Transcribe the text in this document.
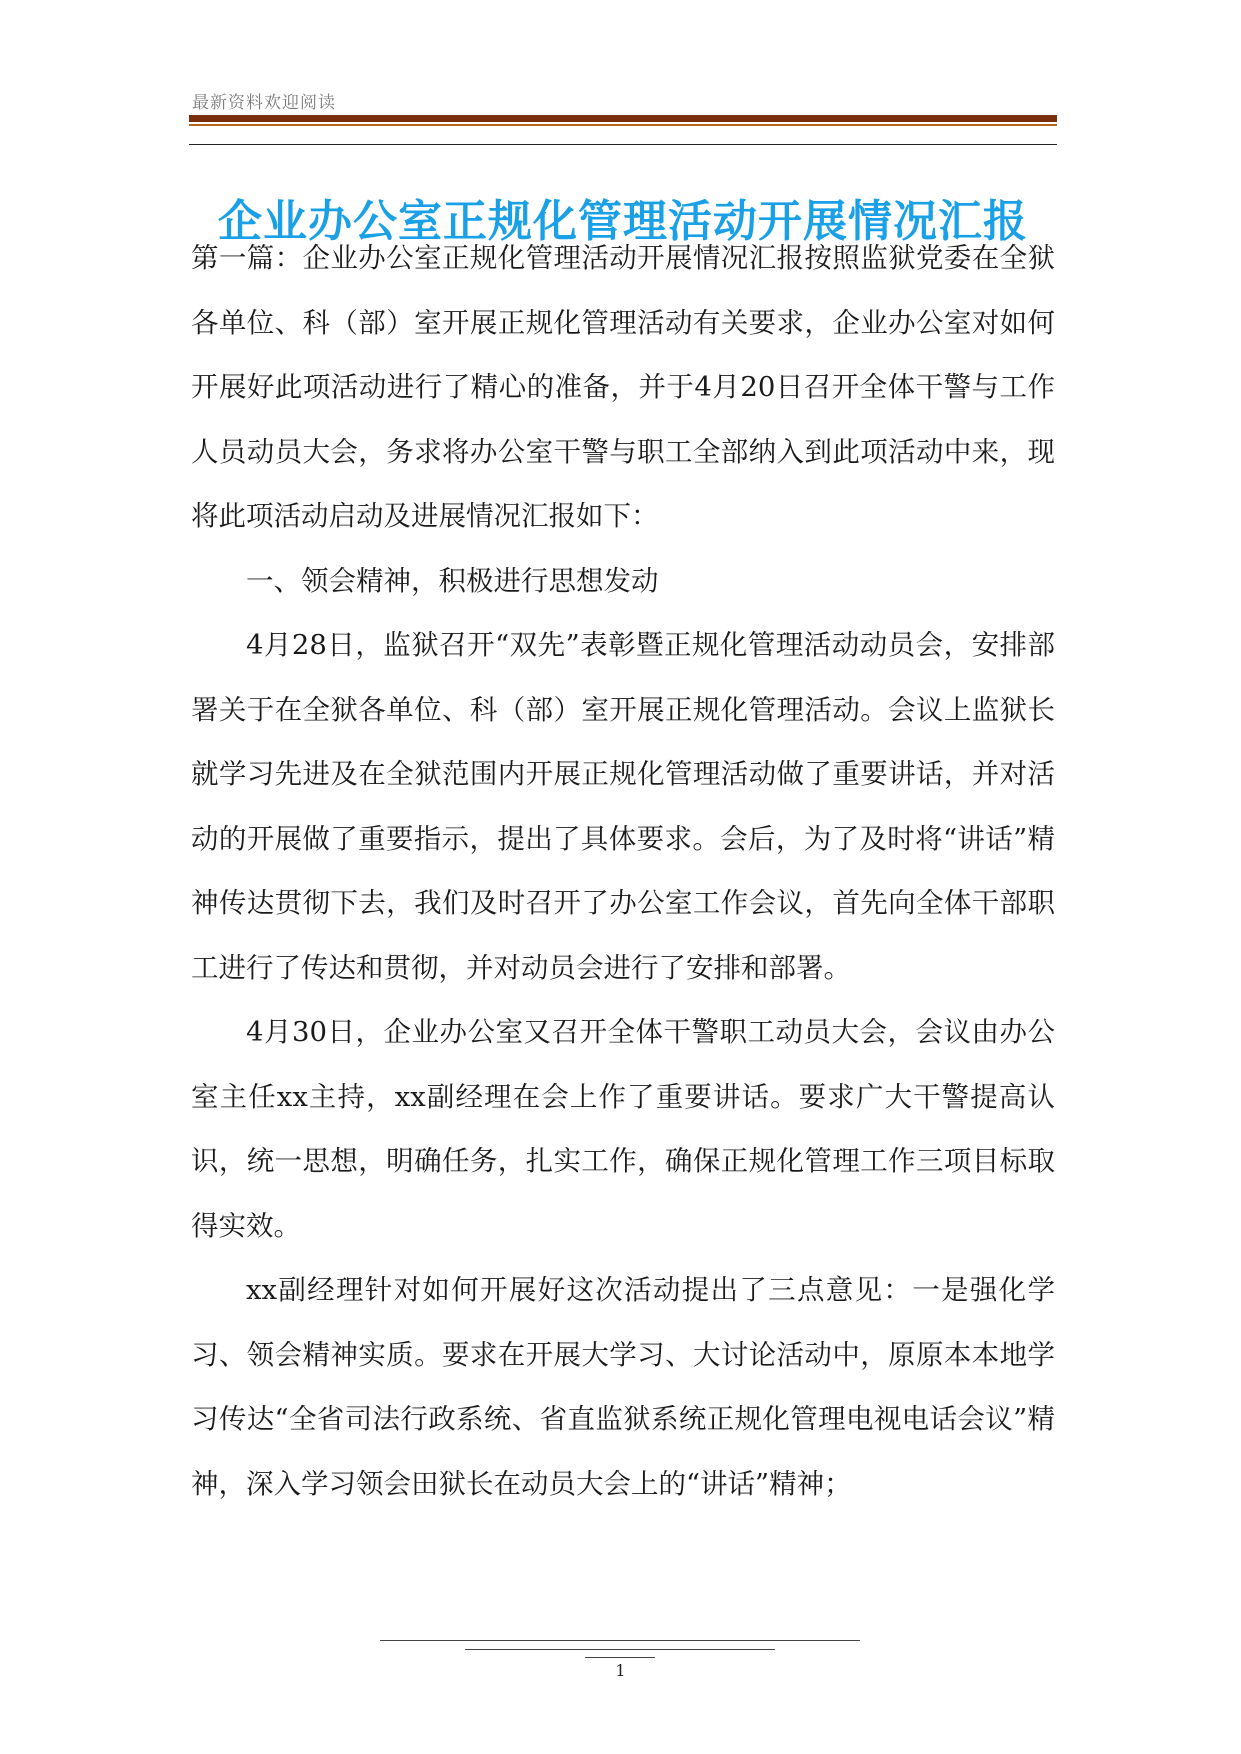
最新资料欢迎阅读
企业办公室正规化管理活动开展情况汇报

第一篇：企业办公室正规化管理活动开展情况汇报按照监狱党委在全狱各单位、科（部）室开展正规化管理活动有关要求，企业办公室对如何开展好此项活动进行了精心的准备，并于4月20日召开全体干警与工作人员动员大会，务求将办公室干警与职工全部纳入到此项活动中来，现将此项活动启动及进展情况汇报如下：

一、领会精神，积极进行思想发动

4月28日，监狱召开“双先”表彰暨正规化管理活动动员会，安排部署关于在全狱各单位、科（部）室开展正规化管理活动。会议上监狱长就学习先进及在全狱范围内开展正规化管理活动做了重要讲话，并对活动的开展做了重要指示，提出了具体要求。会后，为了及时将“讲话”精神传达贯彻下去，我们及时召开了办公室工作会议，首先向全体干部职工进行了传达和贯彻，并对动员会进行了安排和部署。

4月30日，企业办公室又召开全体干警职工动员大会，会议由办公室主任xx主持，xx副经理在会上作了重要讲话。要求广大干警提高认识，统一思想，明确任务，扎实工作，确保正规化管理工作三项目标取得实效。

xx副经理针对如何开展好这次活动提出了三点意见：一是强化学习、领会精神实质。要求在开展大学习、大讨论活动中，原原本本地学习传达“全省司法行政系统、省直监狱系统正规化管理电视电话会议”精神，深入学习领会田狱长在动员大会上的“讲话”精神；

1
